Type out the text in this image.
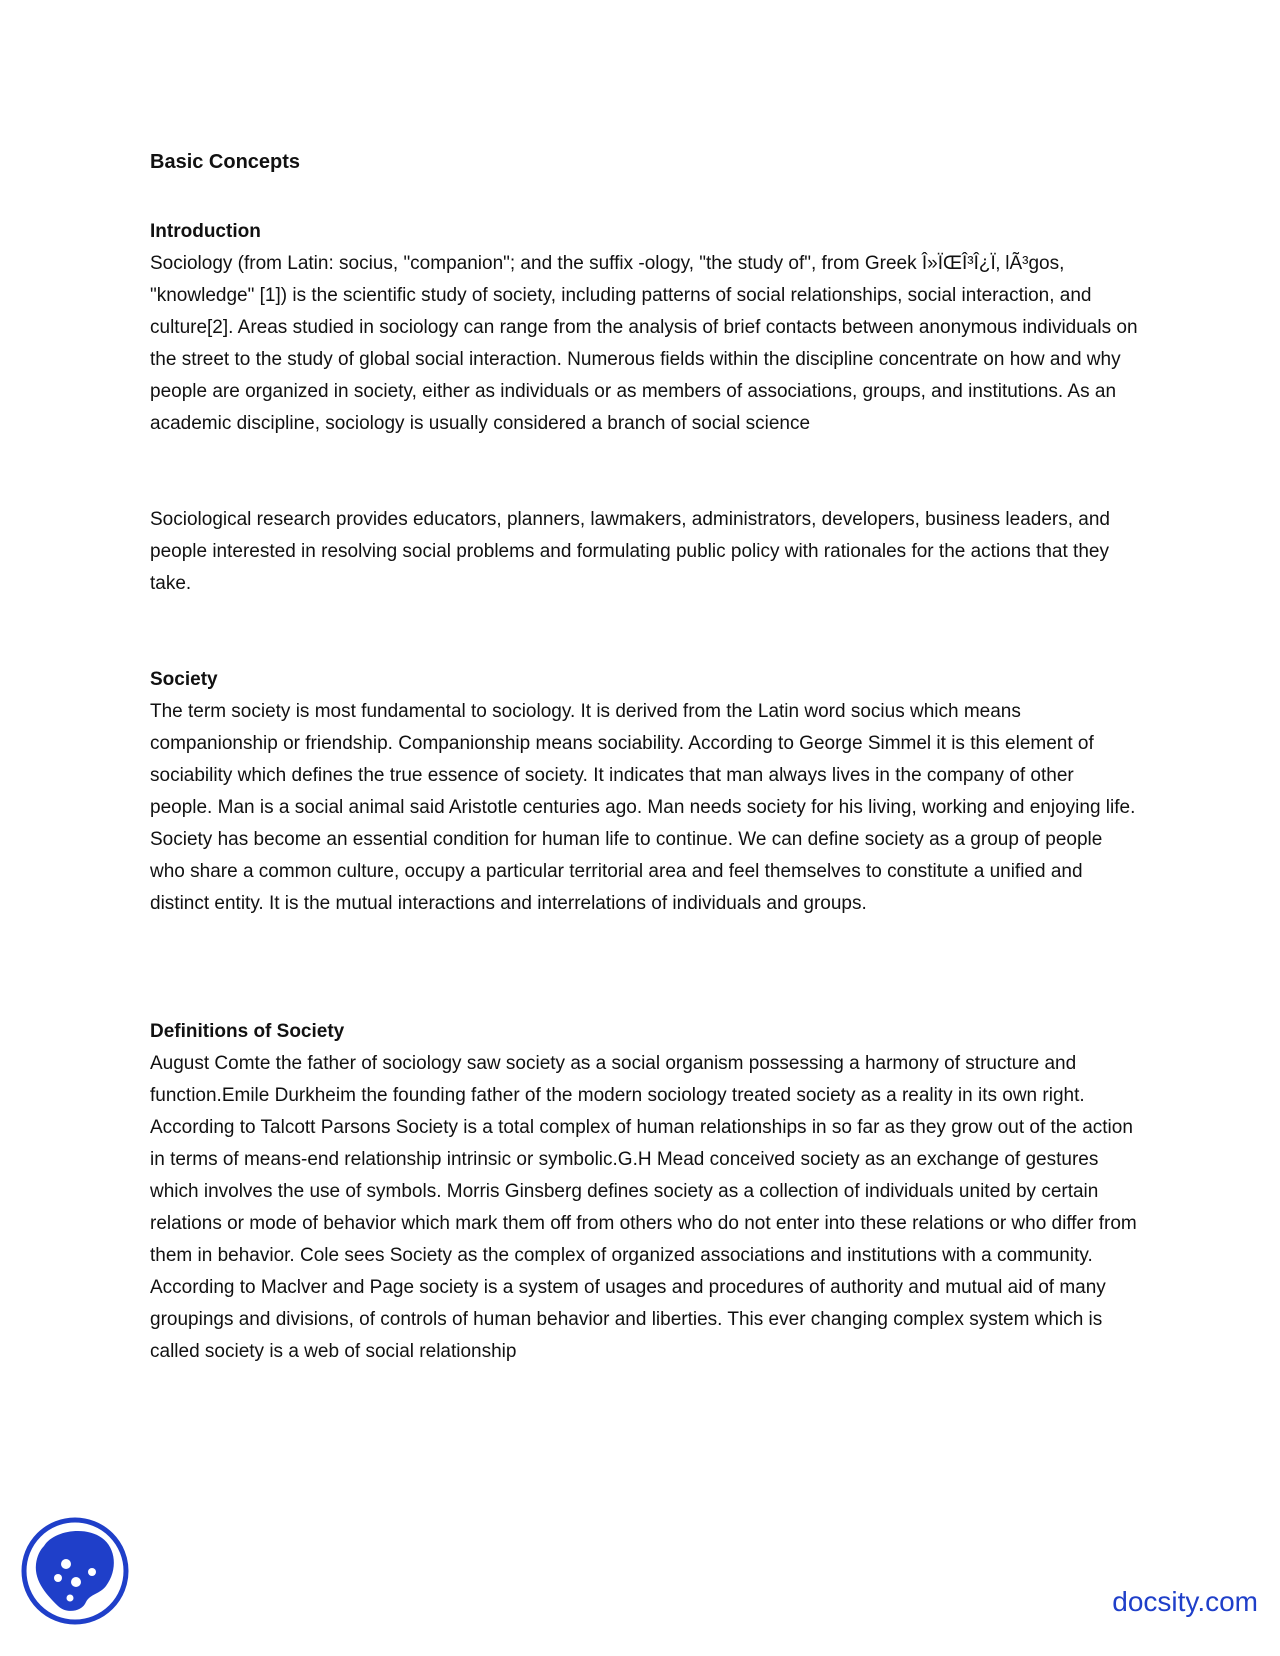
Basic Concepts
Introduction

Sociology (from Latin: socius, "companion"; and the suffix -ology, "the study of", from Greek Î»ÏŒÎ³Î¿Ï‚ lÃ³gos, "knowledge" [1]) is the scientific study of society, including patterns of social relationships, social interaction, and culture[2]. Areas studied in sociology can range from the analysis of brief contacts between anonymous individuals on the street to the study of global social interaction. Numerous fields within the discipline concentrate on how and why people are organized in society, either as individuals or as members of associations, groups, and institutions. As an academic discipline, sociology is usually considered a branch of social science

Sociological research provides educators, planners, lawmakers, administrators, developers, business leaders, and people interested in resolving social problems and formulating public policy with rationales for the actions that they take.

Society

The term society is most fundamental to sociology. It is derived from the Latin word socius which means companionship or friendship. Companionship means sociability. According to George Simmel it is this element of sociability which defines the true essence of society. It indicates that man always lives in the company of other people. Man is a social animal said Aristotle centuries ago. Man needs society for his living, working and enjoying life. Society has become an essential condition for human life to continue. We can define society as a group of people who share a common culture, occupy a particular territorial area and feel themselves to constitute a unified and distinct entity. It is the mutual interactions and interrelations of individuals and groups.

Definitions of Society

August Comte the father of sociology saw society as a social organism possessing a harmony of structure and function.Emile Durkheim the founding father of the modern sociology treated society as a reality in its own right. According to Talcott Parsons Society is a total complex of human relationships in so far as they grow out of the action in terms of means-end relationship intrinsic or symbolic.G.H Mead conceived society as an exchange of gestures which involves the use of symbols. Morris Ginsberg defines society as a collection of individuals united by certain relations or mode of behavior which mark them off from others who do not enter into these relations or who differ from them in behavior. Cole sees Society as the complex of organized associations and institutions with a community. According to Maclver and Page society is a system of usages and procedures of authority and mutual aid of many groupings and divisions, of controls of human behavior and liberties. This ever changing complex system which is called society is a web of social relationship

docsity.com
